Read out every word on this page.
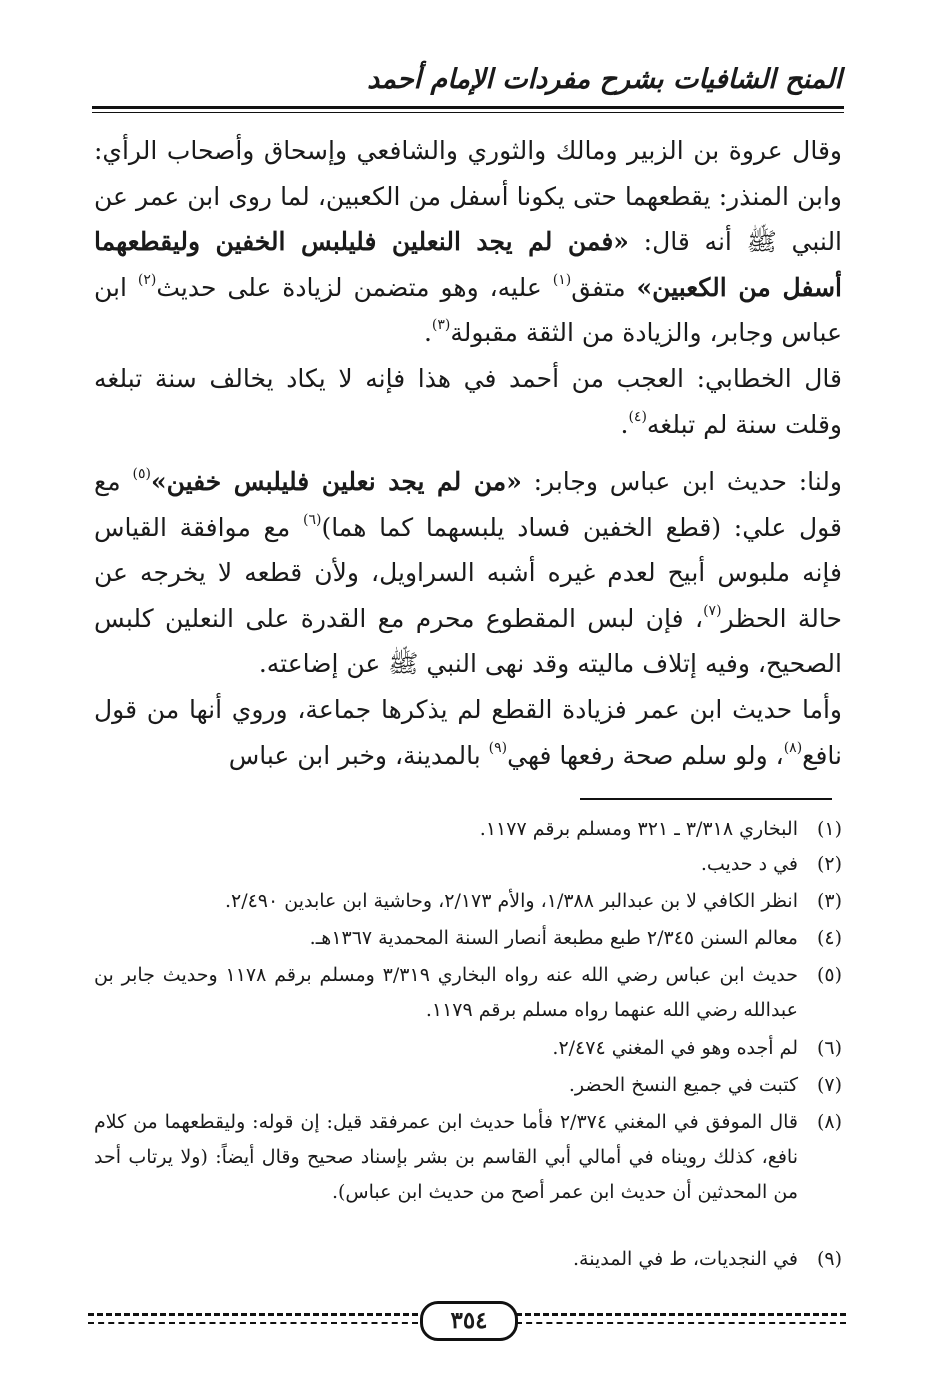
المنح الشافيات بشرح مفردات الإمام أحمد

وقال عروة بن الزبير ومالك والثوري والشافعي وإسحاق وأصحاب الرأي: وابن المنذر: يقطعهما حتى يكونا أسفل من الكعبين، لما روى ابن عمر عن النبي ﷺ أنه قال: «فمن لم يجد النعلين فليلبس الخفين وليقطعهما أسفل من الكعبين» متفق$^{(١)}$ عليه، وهو متضمن لزيادة على حديث$^{(٢)}$ ابن عباس وجابر، والزيادة من الثقة مقبولة$^{(٣)}$.

قال الخطابي: العجب من أحمد في هذا فإنه لا يكاد يخالف سنة تبلغه وقلت سنة لم تبلغه$^{(٤)}$.

ولنا: حديث ابن عباس وجابر: «من لم يجد نعلين فليلبس خفين»$^{(٥)}$ مع قول علي: (قطع الخفين فساد يلبسهما كما هما)$^{(٦)}$ مع موافقة القياس فإنه ملبوس أبيح لعدم غيره أشبه السراويل، ولأن قطعه لا يخرجه عن حالة الحظر$^{(٧)}$، فإن لبس المقطوع محرم مع القدرة على النعلين كلبس الصحيح، وفيه إتلاف ماليته وقد نهى النبي ﷺ عن إضاعته.

وأما حديث ابن عمر فزيادة القطع لم يذكرها جماعة، وروي أنها من قول نافع$^{(٨)}$، ولو سلم صحة رفعها فهي$^{(٩)}$ بالمدينة، وخبر ابن عباس

(١)
البخاري ٣/٣١٨ ـ ٣٢١ ومسلم برقم ١١٧٧.
(٢)
في د حديب.
(٣)
انظر الكافي لا بن عبدالبر ١/٣٨٨، والأم ٢/١٧٣، وحاشية ابن عابدين ٢/٤٩٠.
(٤)
معالم السنن ٢/٣٤٥ طبع مطبعة أنصار السنة المحمدية ١٣٦٧هـ.
(٥)
حديث ابن عباس رضي الله عنه رواه البخاري ٣/٣١٩ ومسلم برقم ١١٧٨ وحديث جابر بن عبدالله رضي الله عنهما رواه مسلم برقم ١١٧٩.
(٦)
لم أجده وهو في المغني ٢/٤٧٤.
(٧)
كتبت في جميع النسخ الحضر.
(٨)
قال الموفق في المغني ٢/٣٧٤ فأما حديث ابن عمرفقد قيل: إن قوله: وليقطعهما من كلام نافع، كذلك رويناه في أمالي أبي القاسم بن بشر بإسناد صحيح وقال أيضاً: (ولا يرتاب أحد من المحدثين أن حديث ابن عمر أصح من حديث ابن عباس).
(٩)
في النجديات، ط في المدينة.
٣٥٤
